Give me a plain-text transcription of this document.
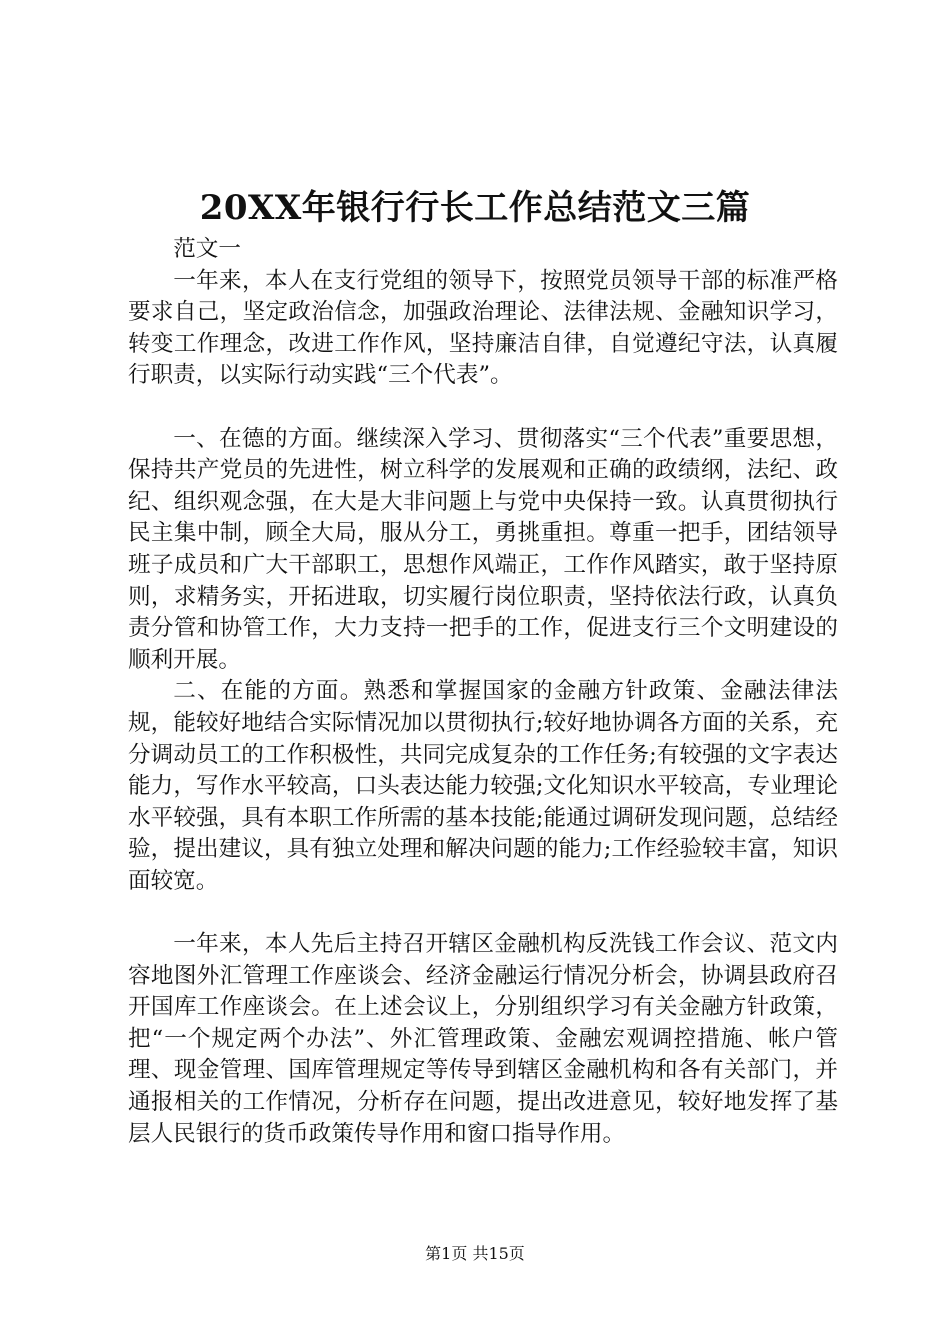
20XX年银行行长工作总结范文三篇

范文一

一年来，本人在支行党组的领导下，按照党员领导干部的标准严格要求自己，坚定政治信念，加强政治理论、法律法规、金融知识学习，转变工作理念，改进工作作风，坚持廉洁自律，自觉遵纪守法，认真履行职责，以实际行动实践“三个代表”。

一、在德的方面。继续深入学习、贯彻落实“三个代表”重要思想，保持共产党员的先进性，树立科学的发展观和正确的政绩纲，法纪、政纪、组织观念强，在大是大非问题上与党中央保持一致。认真贯彻执行民主集中制，顾全大局，服从分工，勇挑重担。尊重一把手，团结领导班子成员和广大干部职工，思想作风端正，工作作风踏实，敢于坚持原则，求精务实，开拓进取，切实履行岗位职责，坚持依法行政，认真负责分管和协管工作，大力支持一把手的工作，促进支行三个文明建设的顺利开展。

二、在能的方面。熟悉和掌握国家的金融方针政策、金融法律法规，能较好地结合实际情况加以贯彻执行;较好地协调各方面的关系，充分调动员工的工作积极性，共同完成复杂的工作任务;有较强的文字表达能力，写作水平较高，口头表达能力较强;文化知识水平较高，专业理论水平较强，具有本职工作所需的基本技能;能通过调研发现问题，总结经验，提出建议，具有独立处理和解决问题的能力;工作经验较丰富，知识面较宽。

一年来，本人先后主持召开辖区金融机构反洗钱工作会议、范文内容地图外汇管理工作座谈会、经济金融运行情况分析会，协调县政府召开国库工作座谈会。在上述会议上，分别组织学习有关金融方针政策，把“一个规定两个办法”、外汇管理政策、金融宏观调控措施、帐户管理、现金管理、国库管理规定等传导到辖区金融机构和各有关部门，并通报相关的工作情况，分析存在问题，提出改进意见，较好地发挥了基层人民银行的货币政策传导作用和窗口指导作用。

第1页 共15页
